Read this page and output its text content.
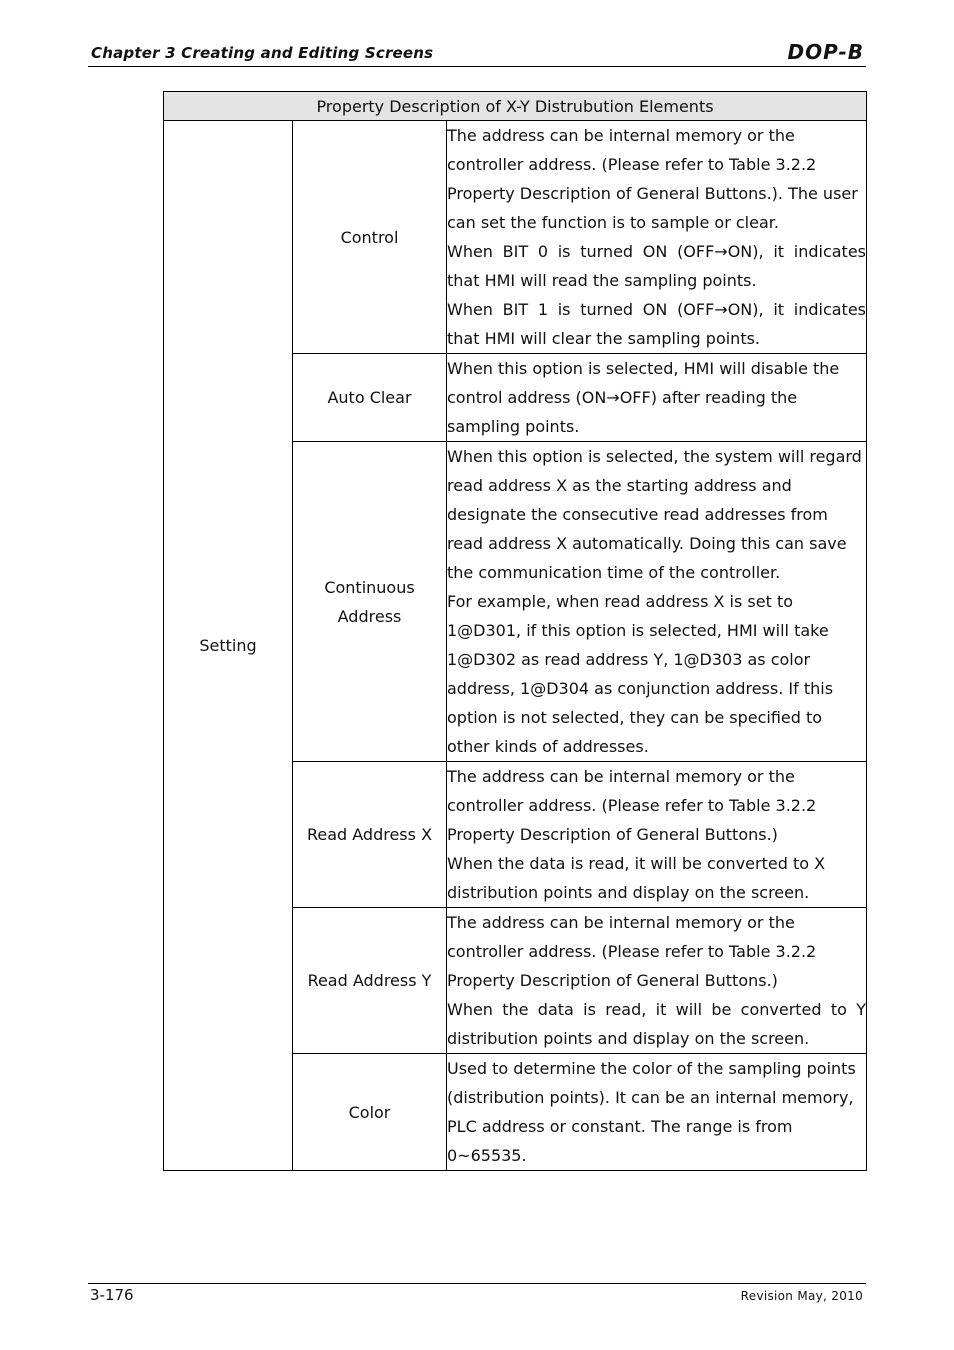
Chapter 3 Creating and Editing Screens	DOP-B
Property Description of X-Y Distrubution Elements		
Setting	Control	The address can be internal memory or the controller address. (Please refer to Table 3.2.2 Property Description of General Buttons.). The user can set the function is to sample or clear.
When BIT 0 is turned ON (OFF→ON), it indicates that HMI will read the sampling points.
When BIT 1 is turned ON (OFF→ON), it indicates that HMI will clear the sampling points.

	Auto Clear	When this option is selected, HMI will disable the control address (ON→OFF) after reading the sampling points.

	Continuous Address	When this option is selected, the system will regard read address X as the starting address and designate the consecutive read addresses from read address X automatically. Doing this can save the communication time of the controller.
For example, when read address X is set to 1@D301, if this option is selected, HMI will take 1@D302 as read address Y, 1@D303 as color address, 1@D304 as conjunction address. If this option is not selected, they can be specified to other kinds of addresses.

	Read Address X	The address can be internal memory or the controller address. (Please refer to Table 3.2.2 Property Description of General Buttons.)
When the data is read, it will be converted to X distribution points and display on the screen.

	Read Address Y	The address can be internal memory or the controller address. (Please refer to Table 3.2.2 Property Description of General Buttons.)
When the data is read, it will be converted to Y distribution points and display on the screen.

	Color	Used to determine the color of the sampling points (distribution points). It can be an internal memory, PLC address or constant. The range is from 0~65535.
3-176	Revision May, 2010
